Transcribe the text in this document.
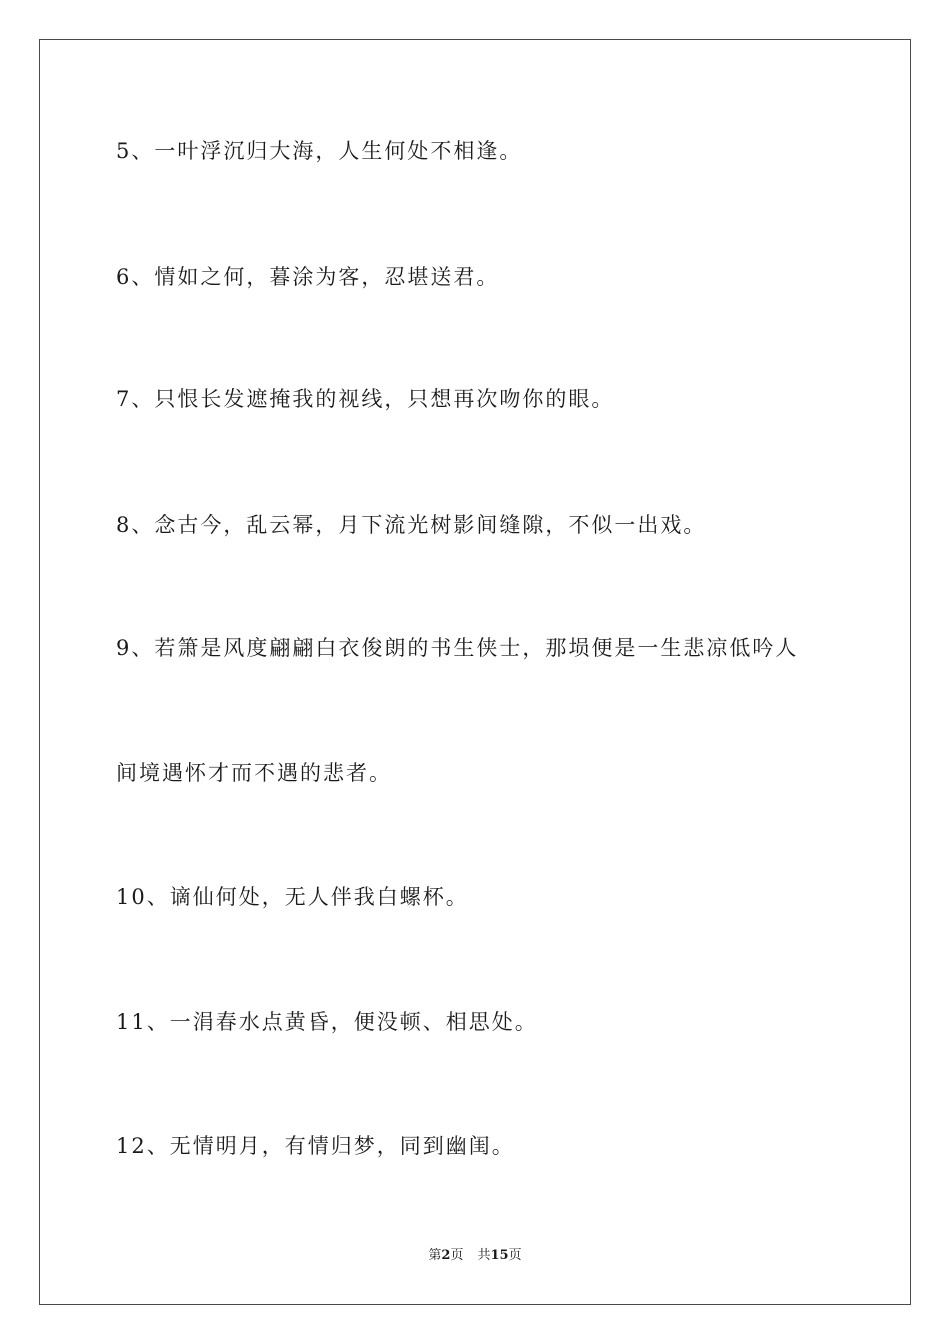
5、一叶浮沉归大海，人生何处不相逢。
6、情如之何，暮涂为客，忍堪送君。
7、只恨长发遮掩我的视线，只想再次吻你的眼。
8、念古今，乱云幂，月下流光树影间缝隙，不似一出戏。
9、若箫是风度翩翩白衣俊朗的书生侠士，那埙便是一生悲凉低吟人
间境遇怀才而不遇的悲者。
10、谪仙何处，无人伴我白螺杯。
11、一涓春水点黄昏，便没顿、相思处。
12、无情明月，有情归梦，同到幽闺。
第2页 共15页
